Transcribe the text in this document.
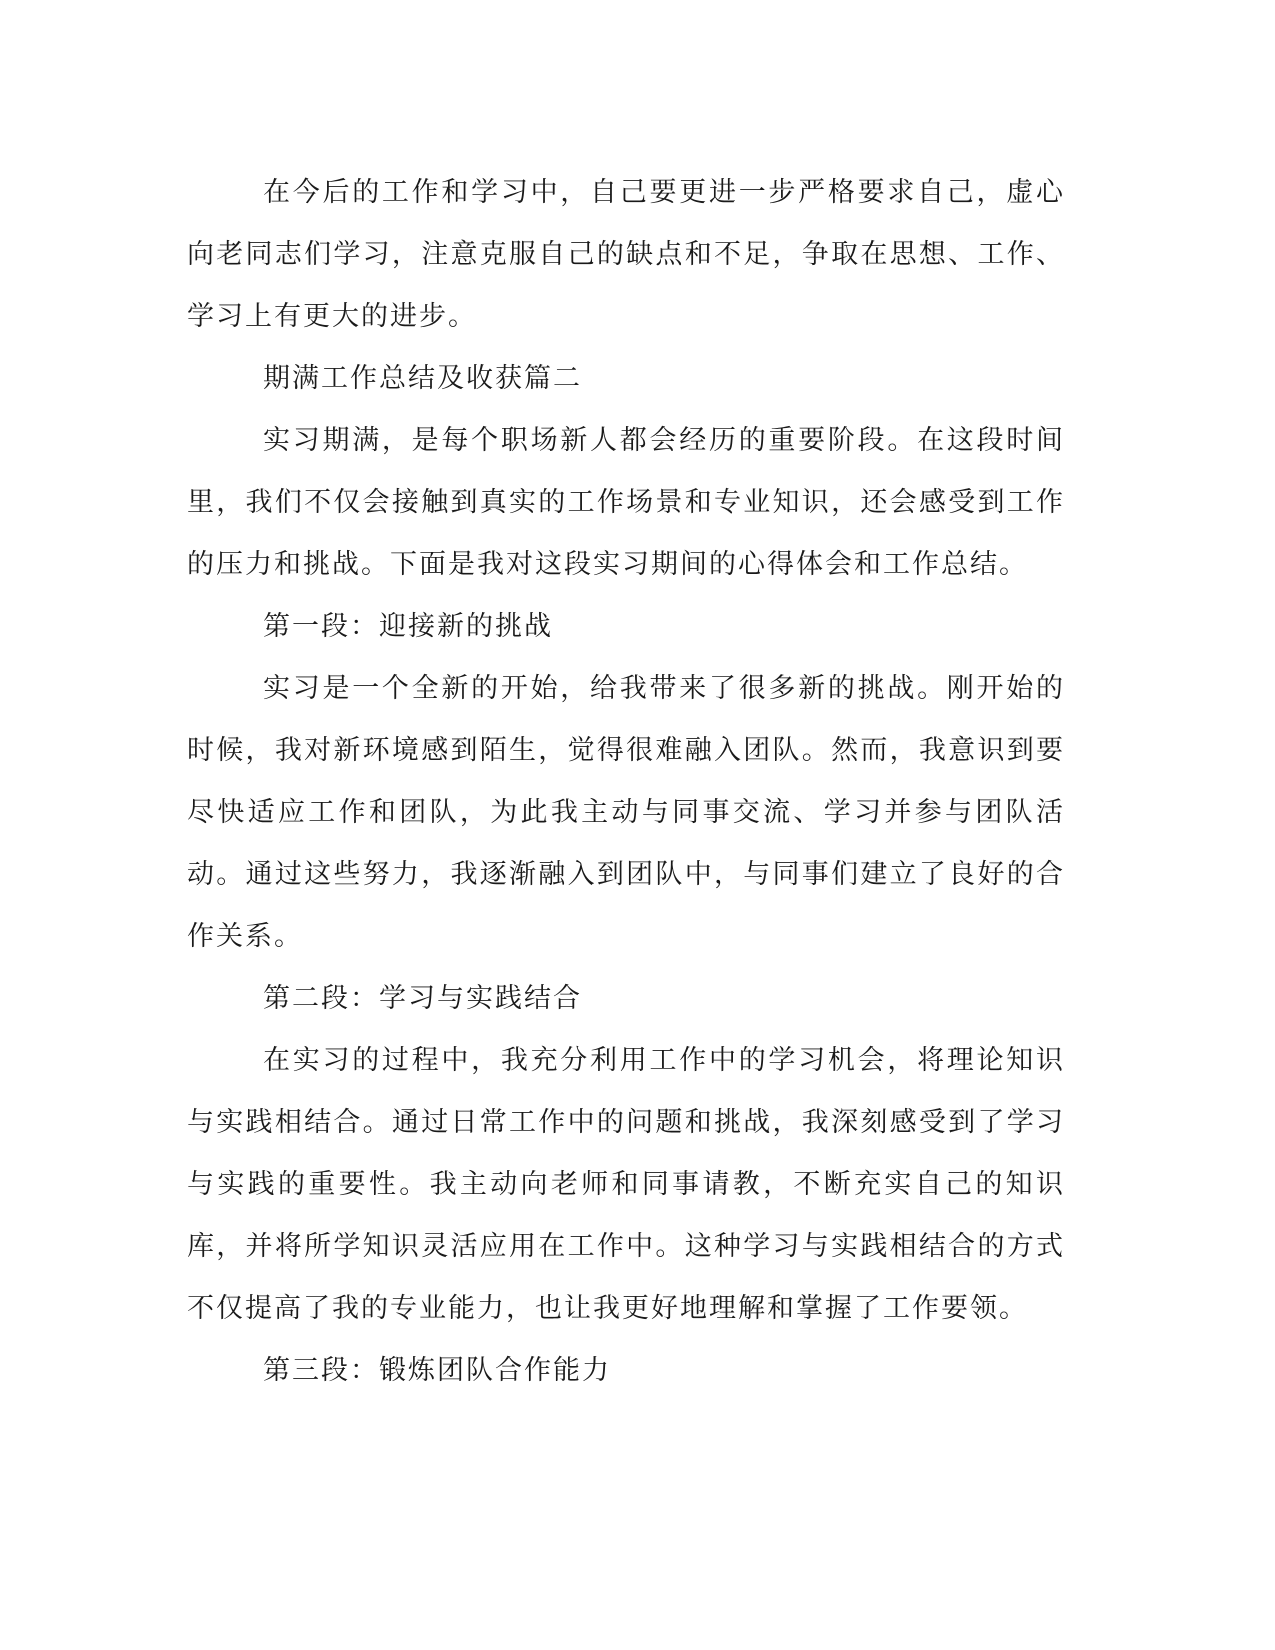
在今后的工作和学习中，自己要更进一步严格要求自己，虚心向老同志们学习，注意克服自己的缺点和不足，争取在思想、工作、学习上有更大的进步。

期满工作总结及收获篇二

实习期满，是每个职场新人都会经历的重要阶段。在这段时间里，我们不仅会接触到真实的工作场景和专业知识，还会感受到工作的压力和挑战。下面是我对这段实习期间的心得体会和工作总结。

第一段：迎接新的挑战

实习是一个全新的开始，给我带来了很多新的挑战。刚开始的时候，我对新环境感到陌生，觉得很难融入团队。然而，我意识到要尽快适应工作和团队，为此我主动与同事交流、学习并参与团队活动。通过这些努力，我逐渐融入到团队中，与同事们建立了良好的合作关系。

第二段：学习与实践结合

在实习的过程中，我充分利用工作中的学习机会，将理论知识与实践相结合。通过日常工作中的问题和挑战，我深刻感受到了学习与实践的重要性。我主动向老师和同事请教，不断充实自己的知识库，并将所学知识灵活应用在工作中。这种学习与实践相结合的方式不仅提高了我的专业能力，也让我更好地理解和掌握了工作要领。

第三段：锻炼团队合作能力
